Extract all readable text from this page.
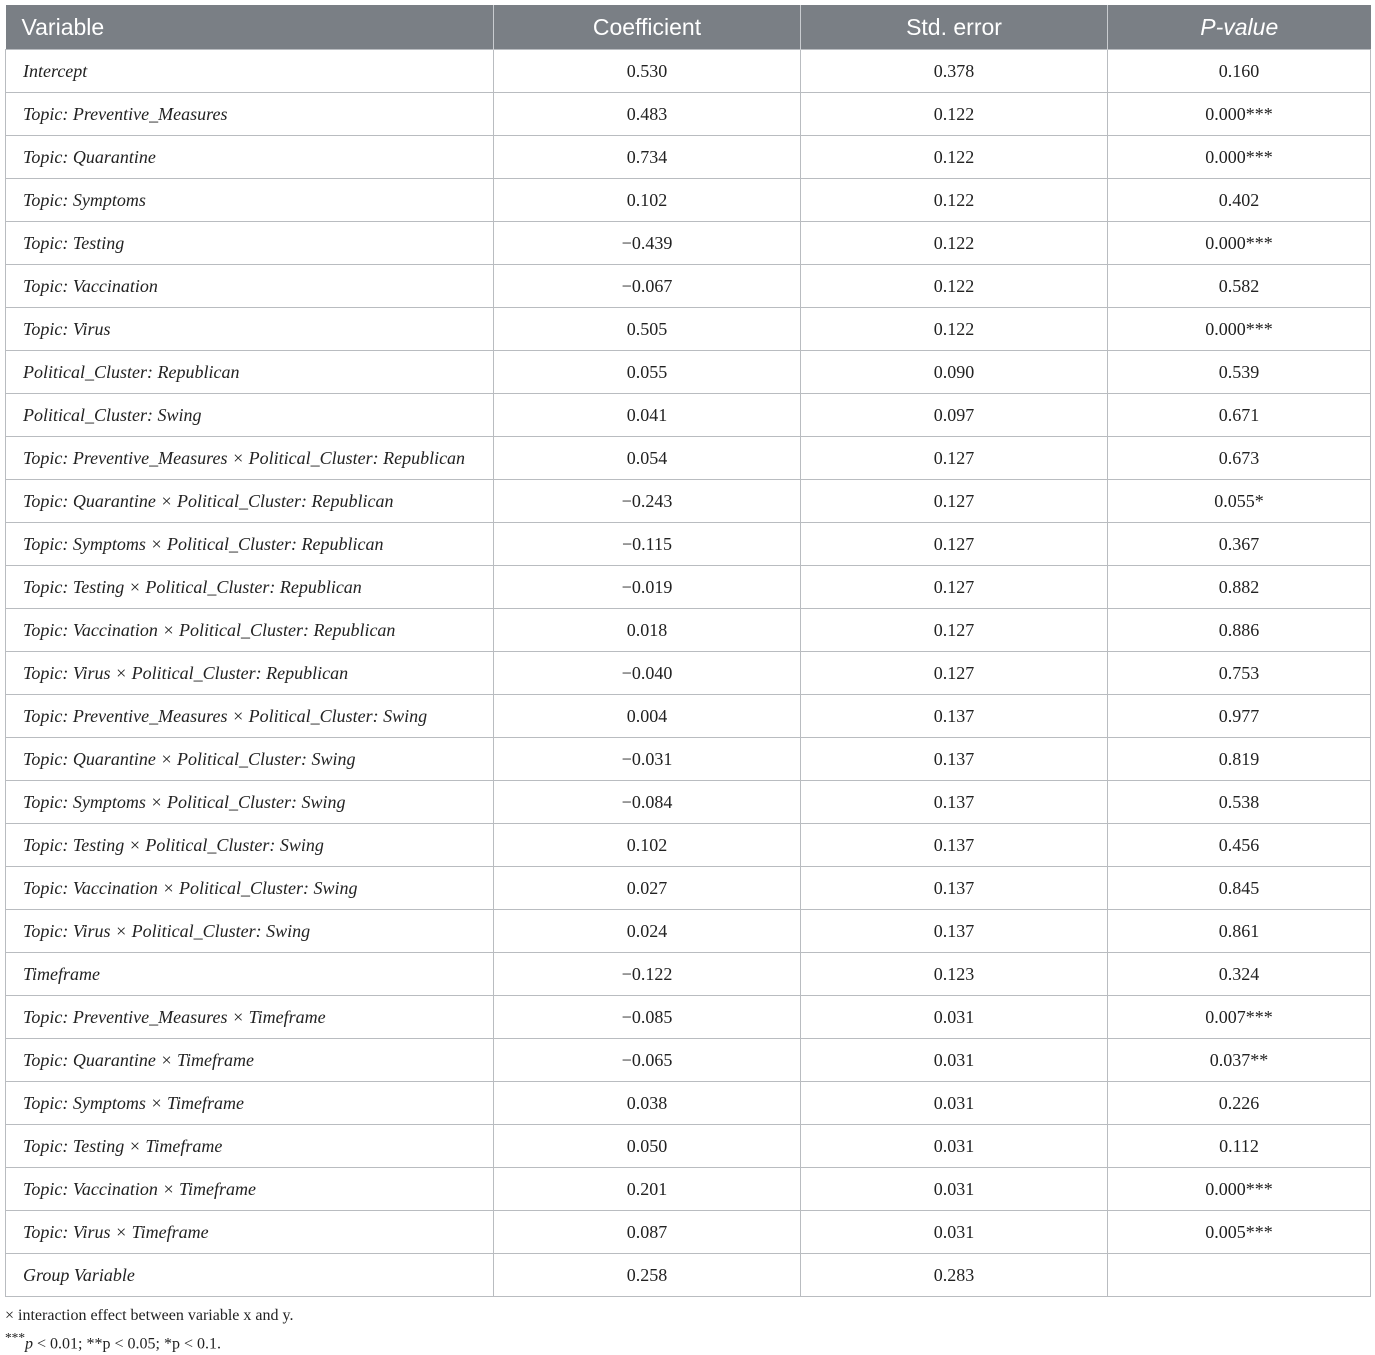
Variable	Coefficient	Std. error	P-value
Intercept	0.530	0.378	0.160
Topic: Preventive_Measures	0.483	0.122	0.000***
Topic: Quarantine	0.734	0.122	0.000***
Topic: Symptoms	0.102	0.122	0.402
Topic: Testing	−0.439	0.122	0.000***
Topic: Vaccination	−0.067	0.122	0.582
Topic: Virus	0.505	0.122	0.000***
Political_Cluster: Republican	0.055	0.090	0.539
Political_Cluster: Swing	0.041	0.097	0.671
Topic: Preventive_Measures × Political_Cluster: Republican	0.054	0.127	0.673
Topic: Quarantine × Political_Cluster: Republican	−0.243	0.127	0.055*
Topic: Symptoms × Political_Cluster: Republican	−0.115	0.127	0.367
Topic: Testing × Political_Cluster: Republican	−0.019	0.127	0.882
Topic: Vaccination × Political_Cluster: Republican	0.018	0.127	0.886
Topic: Virus × Political_Cluster: Republican	−0.040	0.127	0.753
Topic: Preventive_Measures × Political_Cluster: Swing	0.004	0.137	0.977
Topic: Quarantine × Political_Cluster: Swing	−0.031	0.137	0.819
Topic: Symptoms × Political_Cluster: Swing	−0.084	0.137	0.538
Topic: Testing × Political_Cluster: Swing	0.102	0.137	0.456
Topic: Vaccination × Political_Cluster: Swing	0.027	0.137	0.845
Topic: Virus × Political_Cluster: Swing	0.024	0.137	0.861
Timeframe	−0.122	0.123	0.324
Topic: Preventive_Measures × Timeframe	−0.085	0.031	0.007***
Topic: Quarantine × Timeframe	−0.065	0.031	0.037**
Topic: Symptoms × Timeframe	0.038	0.031	0.226
Topic: Testing × Timeframe	0.050	0.031	0.112
Topic: Vaccination × Timeframe	0.201	0.031	0.000***
Topic: Virus × Timeframe	0.087	0.031	0.005***
Group Variable	0.258	0.283	
× interaction effect between variable x and y.
***p < 0.01; **p < 0.05; *p < 0.1.
